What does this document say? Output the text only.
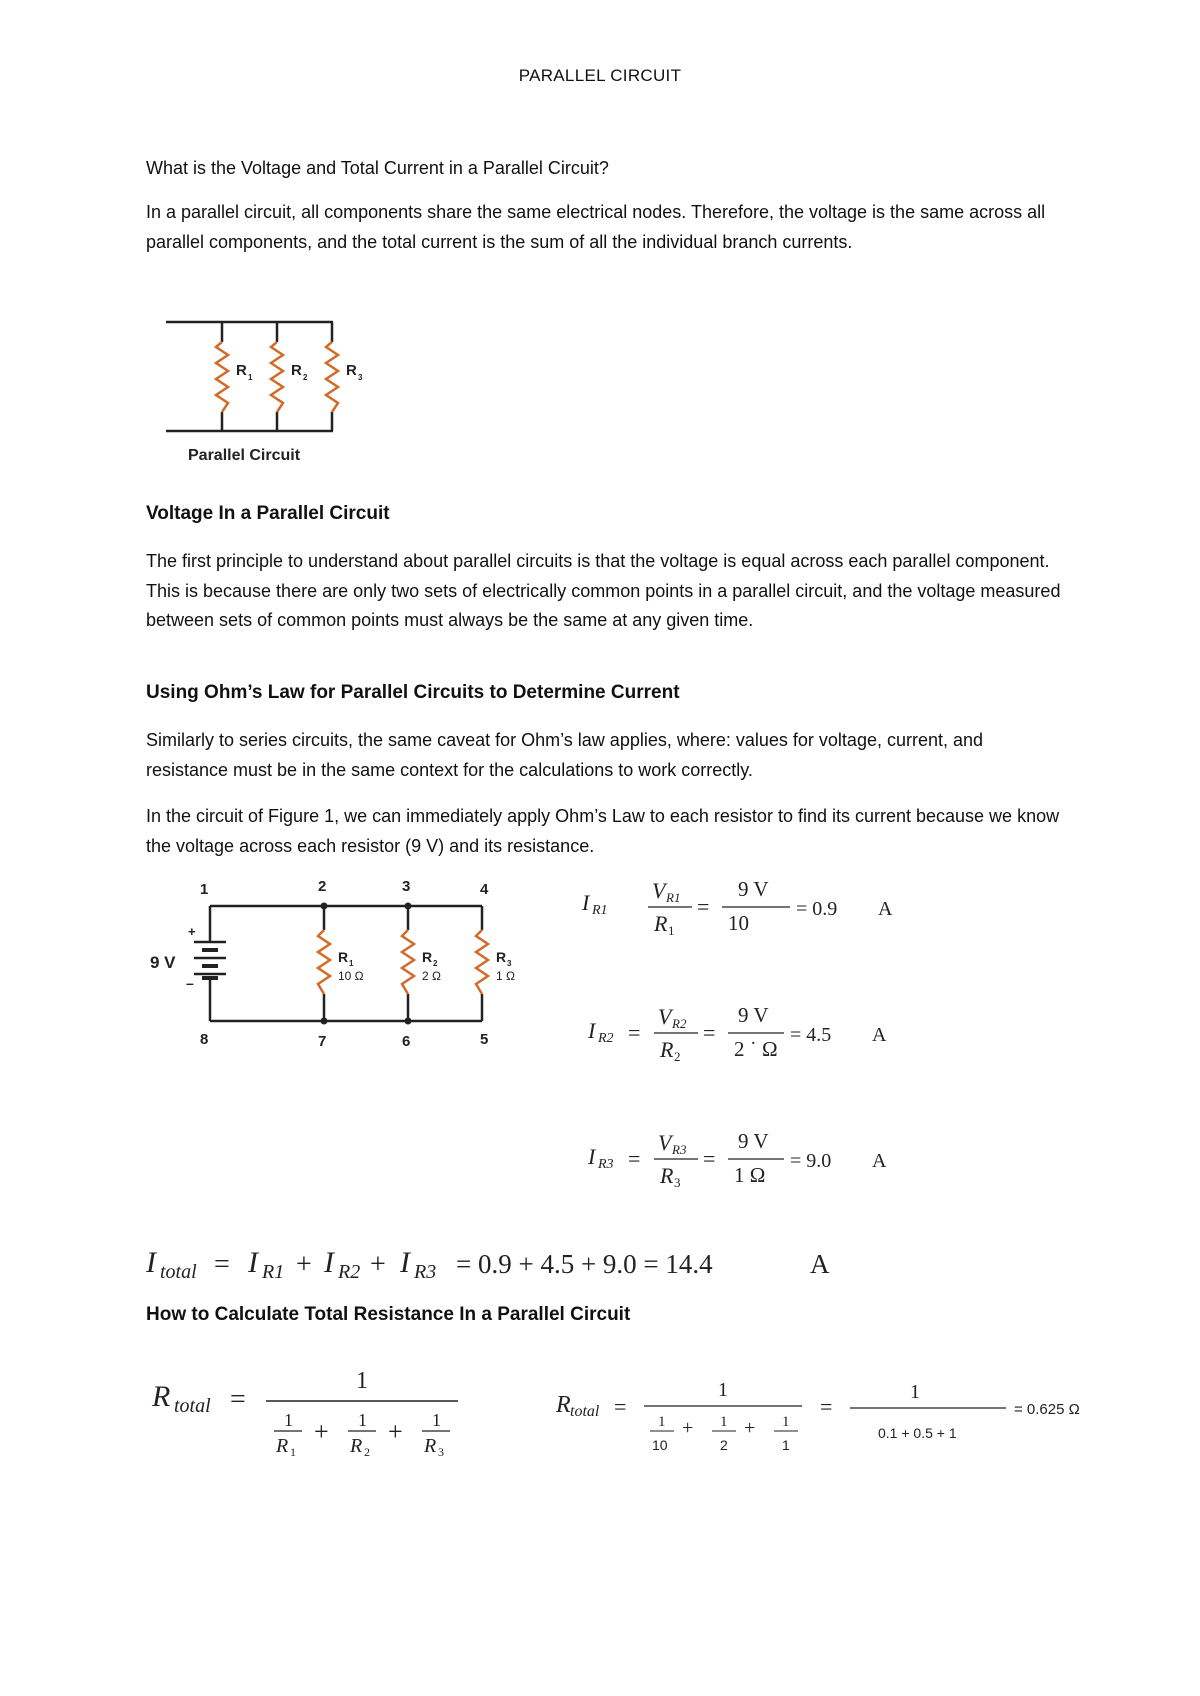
PARALLEL CIRCUIT
What is the Voltage and Total Current in a Parallel Circuit?
In a parallel circuit, all components share the same electrical nodes. Therefore, the voltage is the same across all parallel components, and the total current is the sum of all the individual branch currents.
R 1	R 2	R 3
Parallel Circuit
Voltage In a Parallel Circuit
The first principle to understand about parallel circuits is that the voltage is equal across each parallel component. This is because there are only two sets of electrically common points in a parallel circuit, and the voltage measured between sets of common points must always be the same at any given time.
Using Ohm’s Law for Parallel Circuits to Determine Current
Similarly to series circuits, the same caveat for Ohm’s law applies, where: values for voltage, current, and resistance must be in the same context for the calculations to work correctly.
In the circuit of Figure 1, we can immediately apply Ohm’s Law to each resistor to find its current because we know the voltage across each resistor (9 V) and its resistance.
+
–
9 V	R 1
10 Ω
R 2
2 Ω
R 3
1 Ω
1	2	3	4
5
6
7
8
I R1
V R1
R 1
=
9 V
10
= 0.9 A
I R2 =
V R2
R 2
=
9 V
2 ˙ Ω
= 4.5 A
I R3 =
V R3
R 3
=
9 V
1 Ω
= 9.0 A
I total = I R1 + I R2 + I R3 = 0.9 + 4.5 + 9.0 = 14.4	A
How to Calculate Total Resistance In a Parallel Circuit
R total =
1
1
R 1
+ 1
R 2
+ 1
R 3
R total =
1
1
10
+ 1
2
+ 1
1
=
1
0.1 + 0.5 + 1
= 0.625 Ω
